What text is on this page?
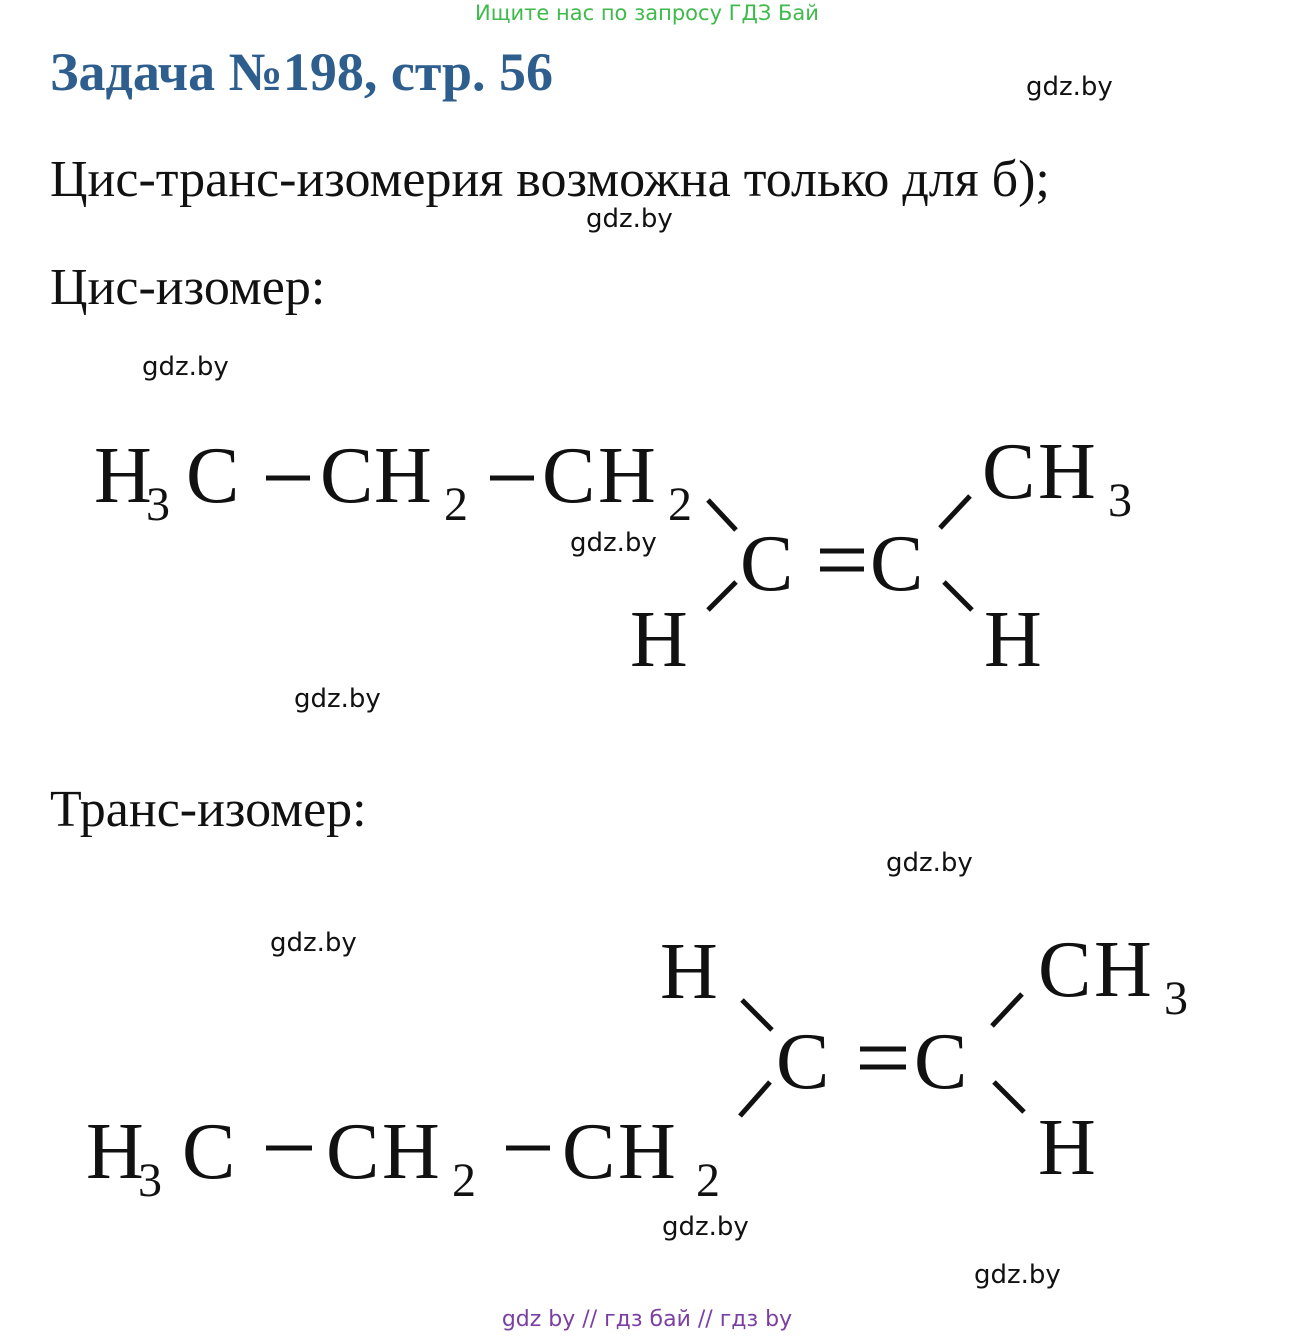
Ищите нас по запросу ГДЗ Бай
Задача №198, стр. 56	gdz.by
Цис-транс-изомерия возможна только для б);
gdz.by
Цис-изомер:
gdz.by
H
3 C C H 2 C H 2
C C
C H 3
H	H
H
3 C C H 2 C H 2
H
C C
C H 3
H
gdz.by
gdz.by
Транс-изомер:
gdz.by
gdz.by
gdz.by
gdz.by
gdz by // гдз бай // гдз by
